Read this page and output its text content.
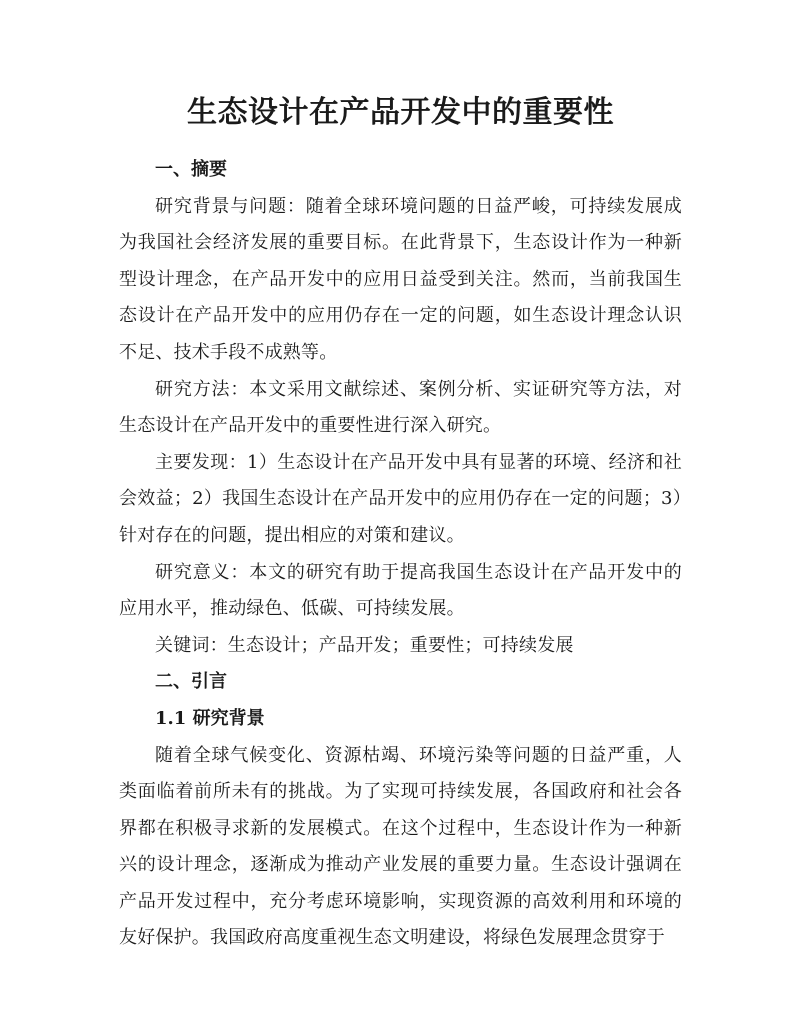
生态设计在产品开发中的重要性
一、摘要

研究背景与问题：随着全球环境问题的日益严峻，可持续发展成为我国社会经济发展的重要目标。在此背景下，生态设计作为一种新型设计理念，在产品开发中的应用日益受到关注。然而，当前我国生态设计在产品开发中的应用仍存在一定的问题，如生态设计理念认识不足、技术手段不成熟等。

研究方法：本文采用文献综述、案例分析、实证研究等方法，对生态设计在产品开发中的重要性进行深入研究。

主要发现：1）生态设计在产品开发中具有显著的环境、经济和社会效益；2）我国生态设计在产品开发中的应用仍存在一定的问题；3）针对存在的问题，提出相应的对策和建议。

研究意义：本文的研究有助于提高我国生态设计在产品开发中的应用水平，推动绿色、低碳、可持续发展。

关键词：生态设计；产品开发；重要性；可持续发展

二、引言
1.1 研究背景

随着全球气候变化、资源枯竭、环境污染等问题的日益严重，人类面临着前所未有的挑战。为了实现可持续发展，各国政府和社会各界都在积极寻求新的发展模式。在这个过程中，生态设计作为一种新兴的设计理念，逐渐成为推动产业发展的重要力量。生态设计强调在产品开发过程中，充分考虑环境影响，实现资源的高效利用和环境的友好保护。我国政府高度重视生态文明建设，将绿色发展理念贯穿于
